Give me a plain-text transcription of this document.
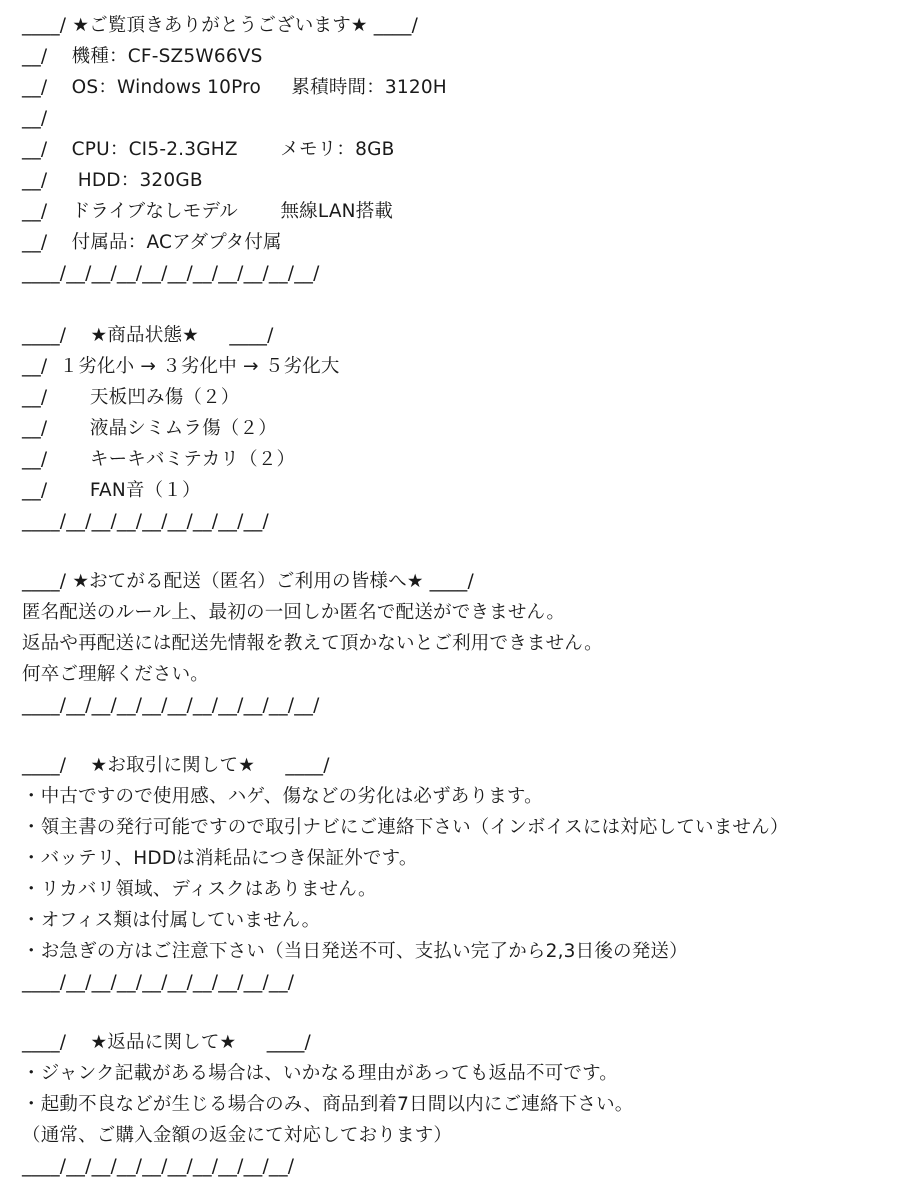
____/ ★ご覧頂きありがとうございます★ ____/
__/    機種：CF-SZ5W66VS
__/    OS：Windows 10Pro     累積時間：3120H
__/
__/    CPU：CI5-2.3GHZ       メモリ：8GB
__/     HDD：320GB
__/    ドライブなしモデル       無線LAN搭載
__/    付属品：ACアダプタ付属
____/__/__/__/__/__/__/__/__/__/__/
____/    ★商品状態★     ____/
__/  １劣化小 → ３劣化中 → ５劣化大
__/       天板凹み傷（２）
__/       液晶シミムラ傷（２）
__/       キーキバミテカリ（２）
__/       FAN音（１）
____/__/__/__/__/__/__/__/__/
____/ ★おてがる配送（匿名）ご利用の皆様へ★ ____/
匿名配送のルール上、最初の一回しか匿名で配送ができません。
返品や再配送には配送先情報を教えて頂かないとご利用できません。
何卒ご理解ください。
____/__/__/__/__/__/__/__/__/__/__/
____/    ★お取引に関して★     ____/
・中古ですので使用感、ハゲ、傷などの劣化は必ずあります。
・領主書の発行可能ですので取引ナビにご連絡下さい（インボイスには対応していません）
・バッテリ、HDDは消耗品につき保証外です。
・リカバリ領域、ディスクはありません。
・オフィス類は付属していません。
・お急ぎの方はご注意下さい（当日発送不可、支払い完了から2,3日後の発送）
____/__/__/__/__/__/__/__/__/__/
____/    ★返品に関して★     ____/
・ジャンク記載がある場合は、いかなる理由があっても返品不可です。
・起動不良などが生じる場合のみ、商品到着7日間以内にご連絡下さい。
（通常、ご購入金額の返金にて対応しております）
____/__/__/__/__/__/__/__/__/__/
